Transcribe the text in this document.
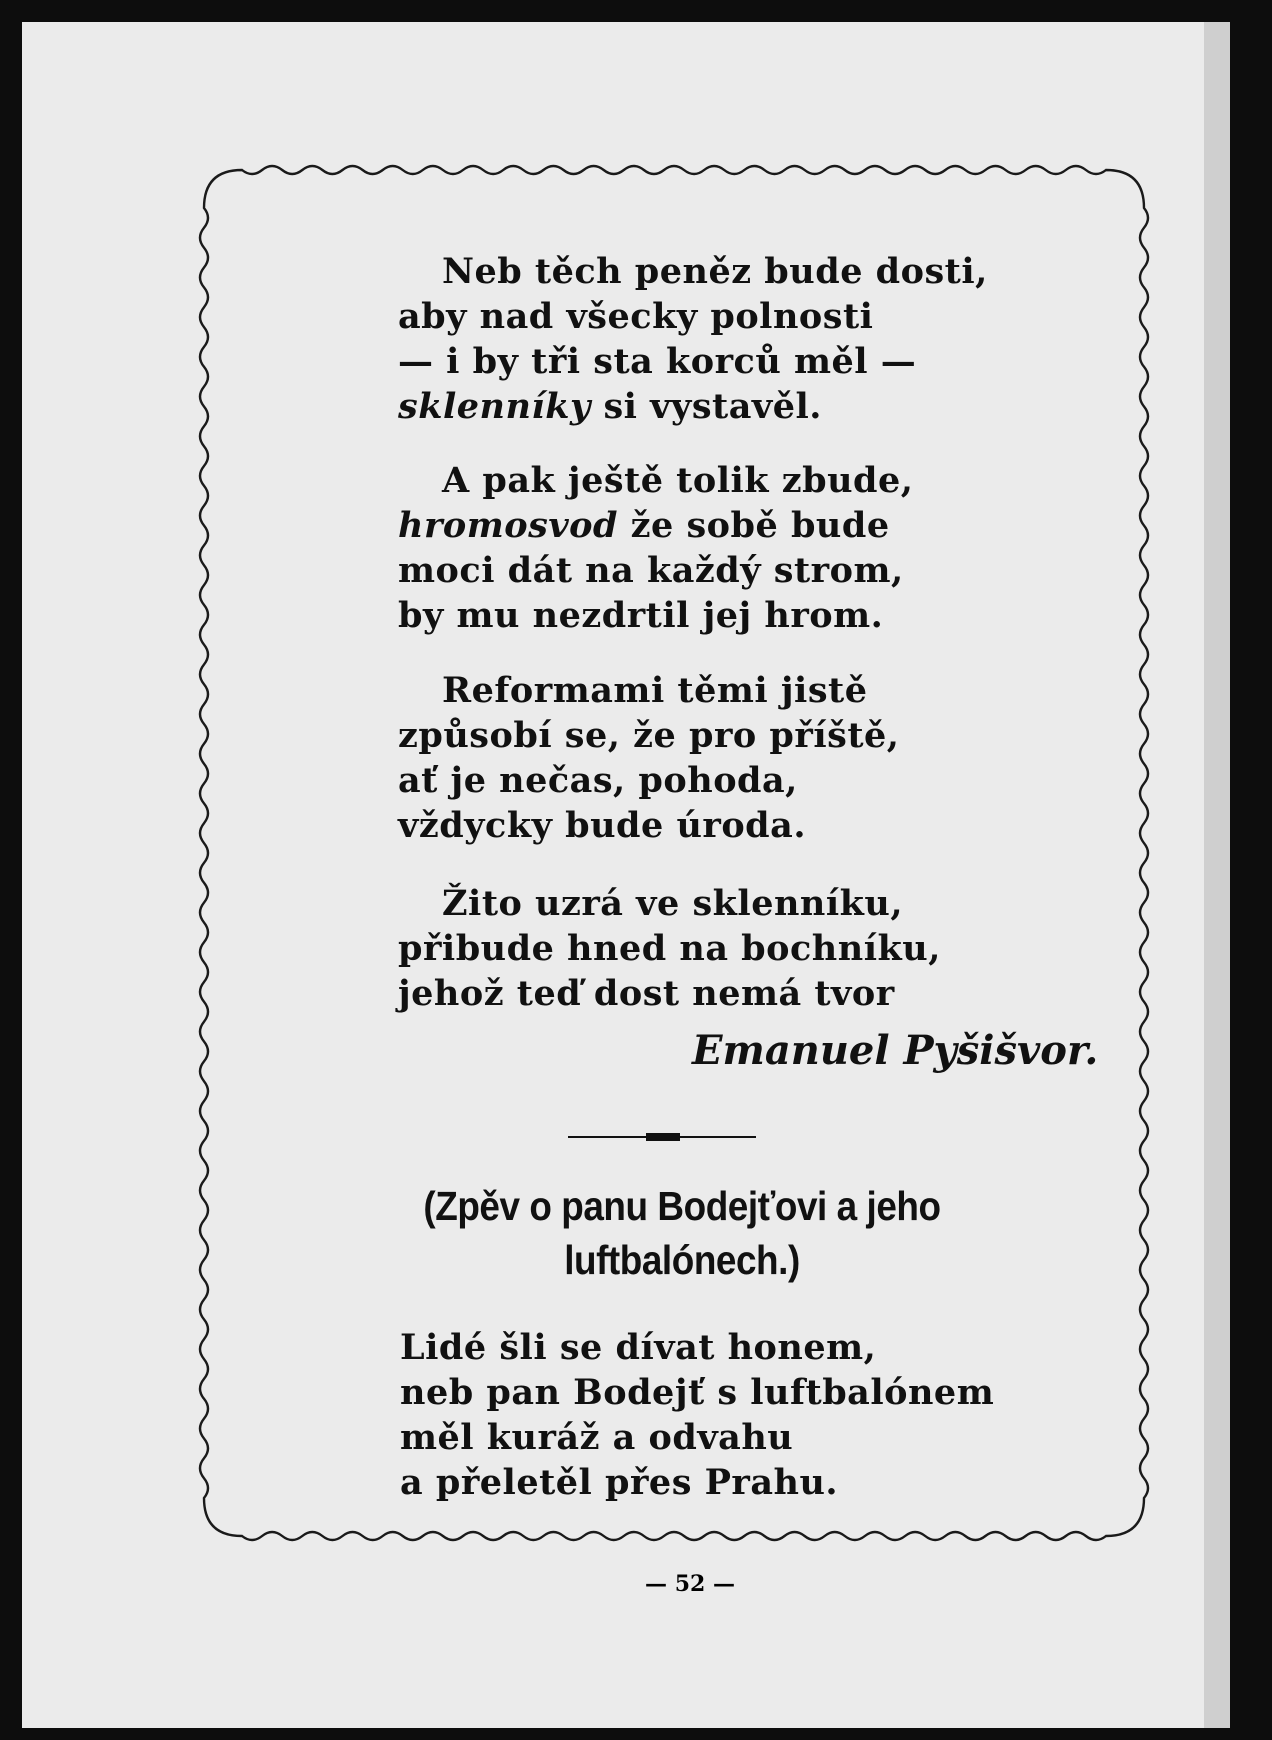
Neb těch peněz bude dosti,
aby nad všecky polnosti
— i by tři sta korců měl —
sklenníky si vystavěl.
A pak ještě tolik zbude,
hromosvod že sobě bude
moci dát na každý strom,
by mu nezdrtil jej hrom.
Reformami těmi jistě
způsobí se, že pro příště,
ať je nečas, pohoda,
vždycky bude úroda.
Žito uzrá ve sklenníku,
přibude hned na bochníku,
jehož teď dost nemá tvor
Emanuel Pyšišvor.
(Zpěv o panu Bodejťovi a jeho
luftbalónech.)
Lidé šli se dívat honem,
neb pan Bodejť s luftbalónem
měl kuráž a odvahu
a přeletěl přes Prahu.
— 52 —
